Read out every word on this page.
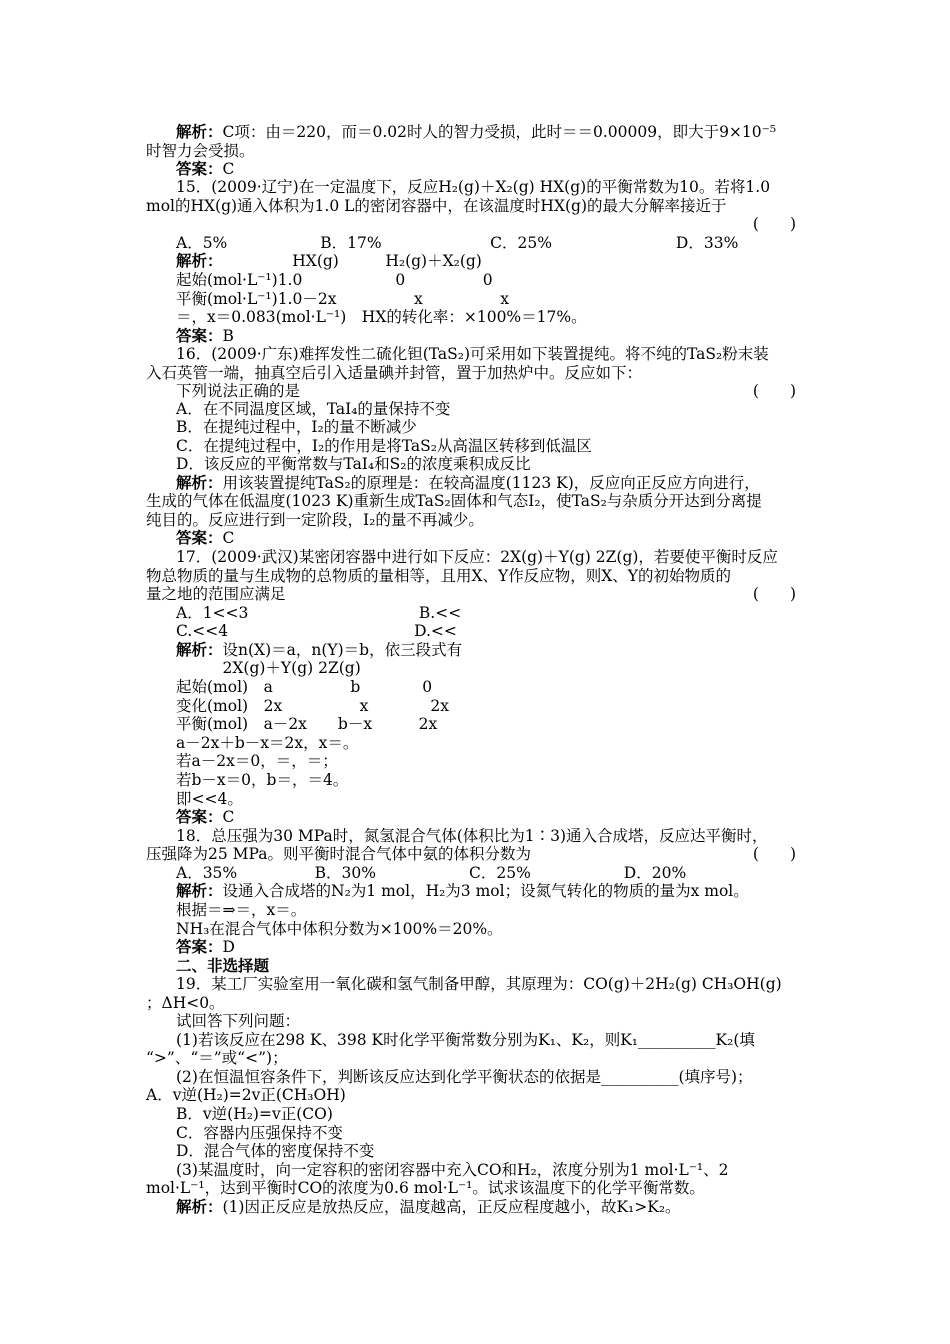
解析：C项：由＝220，而＝0.02时人的智力受损，此时＝＝0.00009，即大于9×10⁻⁵
时智力会受损。
答案：C
15．(2009·辽宁)在一定温度下，反应H₂(g)＋X₂(g) HX(g)的平衡常数为10。若将1.0
mol的HX(g)通入体积为1.0 L的密闭容器中，在该温度时HX(g)的最大分解率接近于
(　　)
A．5%　　　　　　B．17%　　　　　　　C．25%　　　　　　　　D．33%
解析：　　　　　HX(g)　　　H₂(g)＋X₂(g)
起始(mol·L⁻¹)1.0　　　　　　0　　　　　0
平衡(mol·L⁻¹)1.0－2x　　　　　x　　　　　x
＝，x＝0.083(mol·L⁻¹)　HX的转化率：×100%＝17%。
答案：B
16．(2009·广东)难挥发性二硫化钽(TaS₂)可采用如下装置提纯。将不纯的TaS₂粉末装
入石英管一端，抽真空后引入适量碘并封管，置于加热炉中。反应如下：
下列说法正确的是	(　　)
A．在不同温度区域，TaI₄的量保持不变
B．在提纯过程中，I₂的量不断减少
C．在提纯过程中，I₂的作用是将TaS₂从高温区转移到低温区
D．该反应的平衡常数与TaI₄和S₂的浓度乘积成反比
解析：用该装置提纯TaS₂的原理是：在较高温度(1123 K)，反应向正反应方向进行，
生成的气体在低温度(1023 K)重新生成TaS₂固体和气态I₂，使TaS₂与杂质分开达到分离提
纯目的。反应进行到一定阶段，I₂的量不再减少。
答案：C
17．(2009·武汉)某密闭容器中进行如下反应：2X(g)＋Y(g) 2Z(g)，若要使平衡时反应
物总物质的量与生成物的总物质的量相等，且用X、Y作反应物，则X、Y的初始物质的
量之地的范围应满足	(　　)
A．1<<3　　　　　　　　　　　B.<<
C.<<4　　　　　　　　　　　　D.<<
解析：设n(X)＝a，n(Y)＝b，依三段式有
　　　2X(g)＋Y(g) 2Z(g)
起始(mol)　a　　　　　b　　　　0
变化(mol)　2x　　　　　x　　　　2x
平衡(mol)　a－2x　　b－x　　　2x
a－2x＋b－x＝2x，x＝。
若a－2x＝0，＝，＝；
若b－x＝0，b＝，＝4。
即<<4。
答案：C
18．总压强为30 MPa时，氮氢混合气体(体积比为1∶3)通入合成塔，反应达平衡时，
压强降为25 MPa。则平衡时混合气体中氨的体积分数为	(　　)
A．35%　　　　　B．30%　　　　　　C．25%　　　　　　D．20%
解析：设通入合成塔的N₂为1 mol，H₂为3 mol；设氮气转化的物质的量为x mol。
根据＝⇒＝，x＝。
NH₃在混合气体中体积分数为×100%＝20%。
答案：D
二、非选择题
19．某工厂实验室用一氧化碳和氢气制备甲醇，其原理为：CO(g)＋2H₂(g) CH₃OH(g)
；ΔH<0。
试回答下列问题：
(1)若该反应在298 K、398 K时化学平衡常数分别为K₁、K₂，则K₁__________K₂(填
“>”、“＝”或“<”)；
(2)在恒温恒容条件下，判断该反应达到化学平衡状态的依据是__________(填序号)；
A．v逆(H₂)=2v正(CH₃OH)
B．v逆(H₂)=v正(CO)
C．容器内压强保持不变
D．混合气体的密度保持不变
(3)某温度时，向一定容积的密闭容器中充入CO和H₂，浓度分别为1 mol·L⁻¹、2
mol·L⁻¹，达到平衡时CO的浓度为0.6 mol·L⁻¹。试求该温度下的化学平衡常数。
解析：(1)因正反应是放热反应，温度越高，正反应程度越小，故K₁>K₂。
